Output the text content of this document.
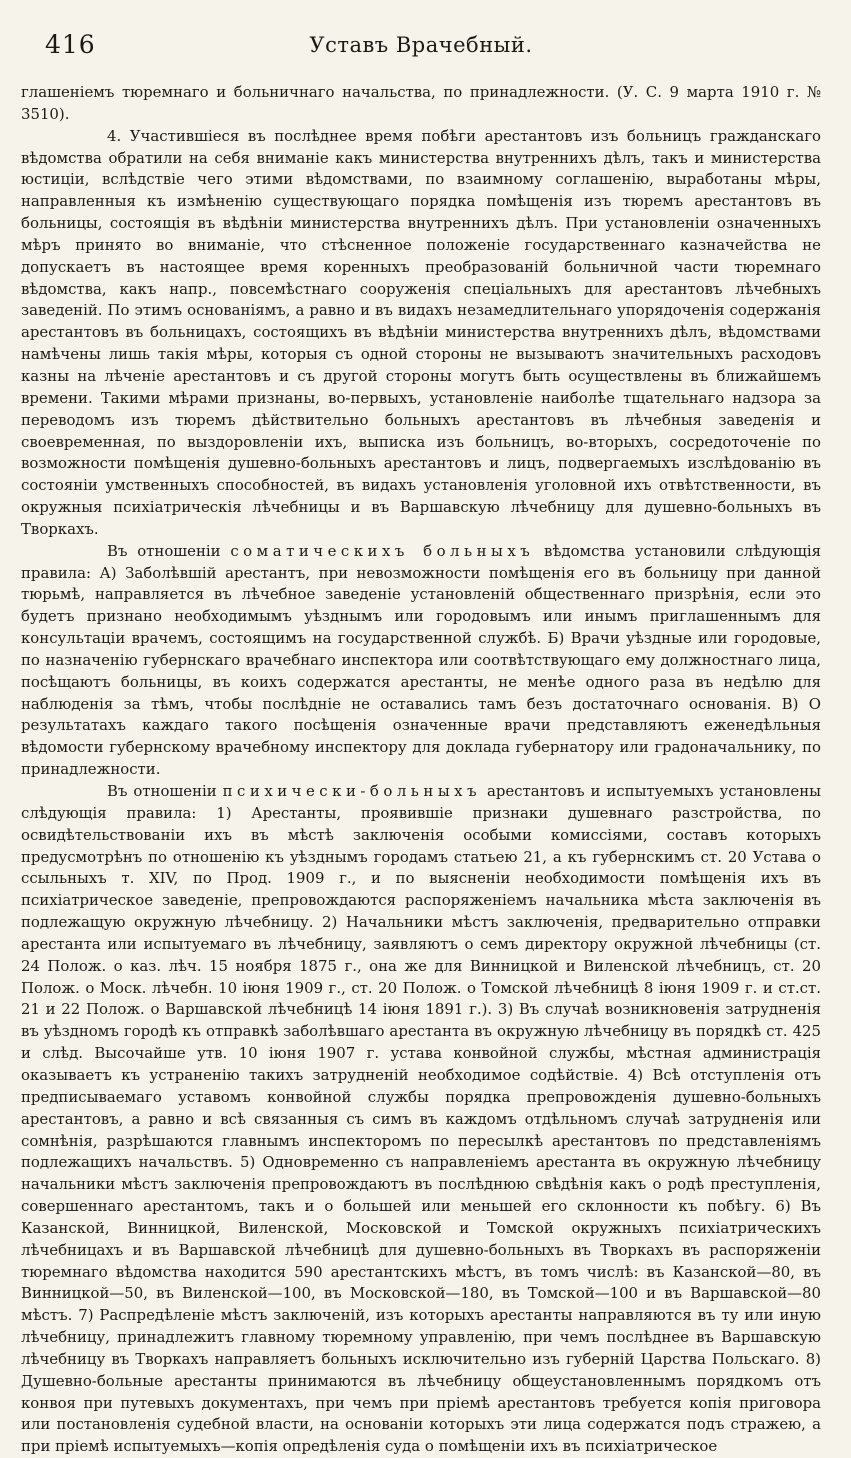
416	Уставъ Врачебный.

глашеніемъ тюремнаго и больничнаго начальства, по принадлежности. (У. С. 9 марта 1910 г. № 3510).

4. Участившіеся въ послѣднее время побѣги арестантовъ изъ больницъ гражданскаго вѣдомства обратили на себя вниманіе какъ министерства внутреннихъ дѣлъ, такъ и министерства юстиціи, вслѣдствіе чего этими вѣдомствами, по взаимному соглашенію, выработаны мѣры, направленныя къ измѣненію существующаго порядка помѣщенія изъ тюремъ арестантовъ въ больницы, состоящія въ вѣдѣніи министерства внутреннихъ дѣлъ. При установленіи означенныхъ мѣръ принято во вниманіе, что стѣсненное положеніе государственнаго казначейства не допускаетъ въ настоящее время коренныхъ преобразованій больничной части тюремнаго вѣдомства, какъ напр., повсемѣстнаго сооруженія спеціальныхъ для арестантовъ лѣчебныхъ заведеній. По этимъ основаніямъ, а равно и въ видахъ незамедлительнаго упорядоченія содержанія арестантовъ въ больницахъ, состоящихъ въ вѣдѣніи министерства внутреннихъ дѣлъ, вѣдомствами намѣчены лишь такія мѣры, которыя съ одной стороны не вызываютъ значительныхъ расходовъ казны на лѣченіе арестантовъ и съ другой стороны могутъ быть осуществлены въ ближайшемъ времени. Такими мѣрами признаны, во-первыхъ, установленіе наиболѣе тщательнаго надзора за переводомъ изъ тюремъ дѣйствительно больныхъ арестантовъ въ лѣчебныя заведенія и своевременная, по выздоровленіи ихъ, выписка изъ больницъ, во-вторыхъ, сосредоточеніе по возможности помѣщенія душевно-больныхъ арестантовъ и лицъ, подвергаемыхъ изслѣдованію въ состояніи умственныхъ способностей, въ видахъ установленія уголовной ихъ отвѣтственности, въ окружныя психіатрическія лѣчебницы и въ Варшавскую лѣчебницу для душевно-больныхъ въ Творкахъ.

Въ отношеніи соматическихъ больныхъ вѣдомства установили слѣдующія правила: А) Заболѣвшій арестантъ, при невозможности помѣщенія его въ больницу при данной тюрьмѣ, направляется въ лѣчебное заведеніе установленій общественнаго призрѣнія, если это будетъ признано необходимымъ уѣзднымъ или городовымъ или инымъ приглашеннымъ для консультаціи врачемъ, состоящимъ на государственной службѣ. Б) Врачи уѣздные или городовые, по назначенію губернскаго врачебнаго инспектора или соотвѣтствующаго ему должностнаго лица, посѣщаютъ больницы, въ коихъ содержатся арестанты, не менѣе одного раза въ недѣлю для наблюденія за тѣмъ, чтобы послѣдніе не оставались тамъ безъ достаточнаго основанія. В) О результатахъ каждаго такого посѣщенія означенные врачи представляютъ еженедѣльныя вѣдомости губернскому врачебному инспектору для доклада губернатору или градоначальнику, по принадлежности.

Въ отношеніи психически-больныхъ арестантовъ и испытуемыхъ установлены слѣдующія правила: 1) Арестанты, проявившіе признаки душевнаго разстройства, по освидѣтельствованіи ихъ въ мѣстѣ заключенія особыми комиссіями, составъ которыхъ предусмотрѣнъ по отношенію къ уѣзднымъ городамъ статьею 21, а къ губернскимъ ст. 20 Устава о ссыльныхъ т. XIV, по Прод. 1909 г., и по выясненіи необходимости помѣщенія ихъ въ психіатрическое заведеніе, препровождаются распоряженіемъ начальника мѣста заключенія въ подлежащую окружную лѣчебницу. 2) Начальники мѣстъ заключенія, предварительно отправки арестанта или испытуемаго въ лѣчебницу, заявляютъ о семъ директору окружной лѣчебницы (ст. 24 Полож. о каз. лѣч. 15 ноября 1875 г., она же для Винницкой и Виленской лѣчебницъ, ст. 20 Полож. о Моск. лѣчебн. 10 іюня 1909 г., ст. 20 Полож. о Томской лѣчебницѣ 8 іюня 1909 г. и ст.ст. 21 и 22 Полож. о Варшавской лѣчебницѣ 14 іюня 1891 г.). 3) Въ случаѣ возникновенія затрудненія въ уѣздномъ городѣ къ отправкѣ заболѣвшаго арестанта въ окружную лѣчебницу въ порядкѣ ст. 425 и слѣд. Высочайше утв. 10 іюня 1907 г. устава конвойной службы, мѣстная администрація оказываетъ къ устраненію такихъ затрудненій необходимое содѣйствіе. 4) Всѣ отступленія отъ предписываемаго уставомъ конвойной службы порядка препровожденія душевно-больныхъ арестантовъ, а равно и всѣ связанныя съ симъ въ каждомъ отдѣльномъ случаѣ затрудненія или сомнѣнія, разрѣшаются главнымъ инспекторомъ по пересылкѣ арестантовъ по представленіямъ подлежащихъ начальствъ. 5) Одновременно съ направленіемъ арестанта въ окружную лѣчебницу начальники мѣстъ заключенія препровождаютъ въ послѣднюю свѣдѣнія какъ о родѣ преступленія, совершеннаго арестантомъ, такъ и о большей или меньшей его склонности къ побѣгу. 6) Въ Казанской, Винницкой, Виленской, Московской и Томской окружныхъ психіатрическихъ лѣчебницахъ и въ Варшавской лѣчебницѣ для душевно-больныхъ въ Творкахъ въ распоряженіи тюремнаго вѣдомства находится 590 арестантскихъ мѣстъ, въ томъ числѣ: въ Казанской—80, въ Винницкой—50, въ Виленской—100, въ Московской—180, въ Томской—100 и въ Варшавской—80 мѣстъ. 7) Распредѣленіе мѣстъ заключеній, изъ которыхъ арестанты направляются въ ту или иную лѣчебницу, принадлежитъ главному тюремному управленію, при чемъ послѣднее въ Варшавскую лѣчебницу въ Творкахъ направляетъ больныхъ исключительно изъ губерній Царства Польскаго. 8) Душевно-больные арестанты принимаются въ лѣчебницу общеустановленнымъ порядкомъ отъ конвоя при путевыхъ документахъ, при чемъ при пріемѣ арестантовъ требуется копія приговора или постановленія судебной власти, на основаніи которыхъ эти лица содержатся подъ стражею, а при пріемѣ испытуемыхъ—копія опредѣленія суда о помѣщеніи ихъ въ психіатрическое
